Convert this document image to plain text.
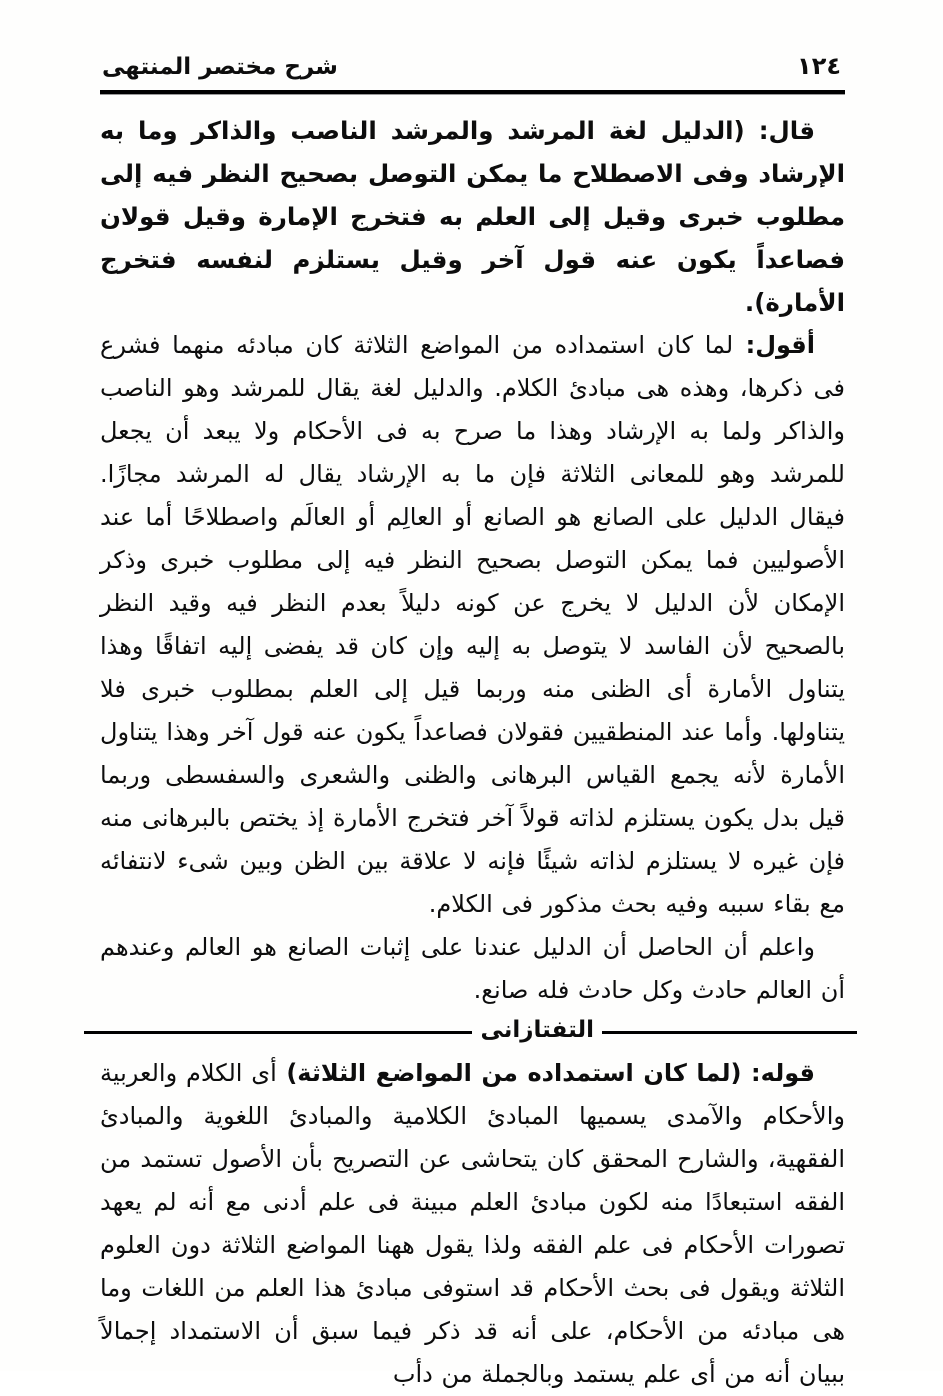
١٢٤
شرح مختصر المنتهى

قال: (الدليل لغة المرشد والمرشد الناصب والذاكر وما به الإرشاد وفى الاصطلاح ما يمكن التوصل بصحيح النظر فيه إلى مطلوب خبرى وقيل إلى العلم به فتخرج الإمارة وقيل قولان فصاعداً يكون عنه قول آخر وقيل يستلزم لنفسه فتخرج الأمارة).

أقول: لما كان استمداده من المواضع الثلاثة كان مبادئه منهما فشرع فى ذكرها، وهذه هى مبادئ الكلام. والدليل لغة يقال للمرشد وهو الناصب والذاكر ولما به الإرشاد وهذا ما صرح به فى الأحكام ولا يبعد أن يجعل للمرشد وهو للمعانى الثلاثة فإن ما به الإرشاد يقال له المرشد مجازًا. فيقال الدليل على الصانع هو الصانع أو العالِم أو العالَم واصطلاحًا أما عند الأصوليين فما يمكن التوصل بصحيح النظر فيه إلى مطلوب خبرى وذكر الإمكان لأن الدليل لا يخرج عن كونه دليلاً بعدم النظر فيه وقيد النظر بالصحيح لأن الفاسد لا يتوصل به إليه وإن كان قد يفضى إليه اتفاقًا وهذا يتناول الأمارة أى الظنى منه وربما قيل إلى العلم بمطلوب خبرى فلا يتناولها. وأما عند المنطقيين فقولان فصاعداً يكون عنه قول آخر وهذا يتناول الأمارة لأنه يجمع القياس البرهانى والظنى والشعرى والسفسطى وربما قيل بدل يكون يستلزم لذاته قولاً آخر فتخرج الأمارة إذ يختص بالبرهانى منه فإن غيره لا يستلزم لذاته شيئًا فإنه لا علاقة بين الظن وبين شىء لانتفائه مع بقاء سببه وفيه بحث مذكور فى الكلام.

واعلم أن الحاصل أن الدليل عندنا على إثبات الصانع هو العالم وعندهم أن العالم حادث وكل حادث فله صانع.

التفتازانى

قوله: (لما كان استمداده من المواضع الثلاثة) أى الكلام والعربية والأحكام والآمدى يسميها المبادئ الكلامية والمبادئ اللغوية والمبادئ الفقهية، والشارح المحقق كان يتحاشى عن التصريح بأن الأصول تستمد من الفقه استبعادًا منه لكون مبادئ العلم مبينة فى علم أدنى مع أنه لم يعهد تصورات الأحكام فى علم الفقه ولذا يقول ههنا المواضع الثلاثة دون العلوم الثلاثة ويقول فى بحث الأحكام قد استوفى مبادئ هذا العلم من اللغات وما هى مبادئه من الأحكام، على أنه قد ذكر فيما سبق أن الاستمداد إجمالاً ببيان أنه من أى علم يستمد وبالجملة من دأب
